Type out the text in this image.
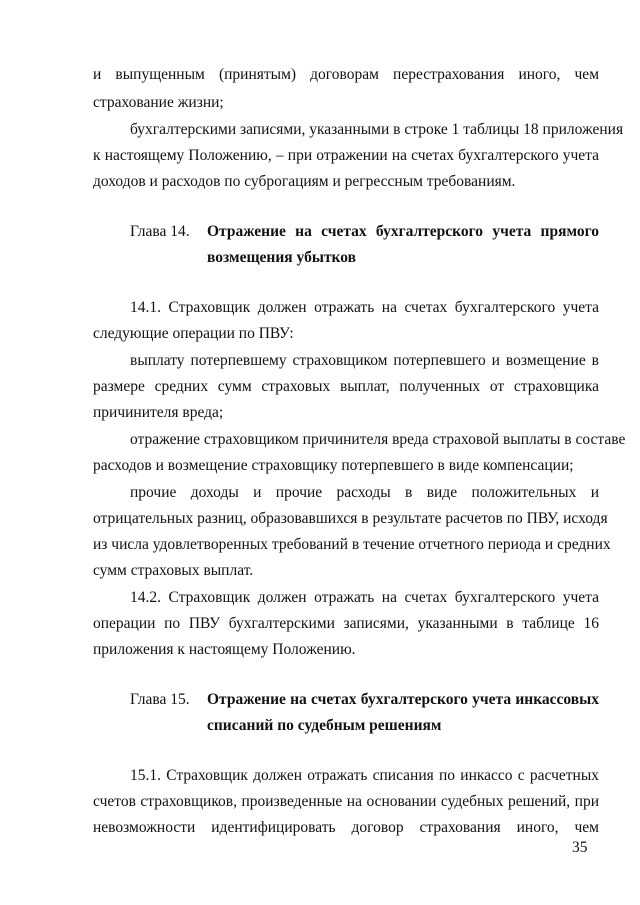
и выпущенным (принятым) договорам перестрахования иного, чем
страхование жизни;
бухгалтерскими записями, указанными в строке 1 таблицы 18 приложения
к настоящему Положению, – при отражении на счетах бухгалтерского учета
доходов и расходов по суброгациям и регрессным требованиям.
Глава 14. Отражение на счетах бухгалтерского учета прямого
возмещения убытков
14.1. Страховщик должен отражать на счетах бухгалтерского учета
следующие операции по ПВУ:
выплату потерпевшему страховщиком потерпевшего и возмещение в
размере средних сумм страховых выплат, полученных от страховщика
причинителя вреда;
отражение страховщиком причинителя вреда страховой выплаты в составе
расходов и возмещение страховщику потерпевшего в виде компенсации;
прочие доходы и прочие расходы в виде положительных и
отрицательных разниц, образовавшихся в результате расчетов по ПВУ, исходя
из числа удовлетворенных требований в течение отчетного периода и средних
сумм страховых выплат.
14.2. Страховщик должен отражать на счетах бухгалтерского учета
операции по ПВУ бухгалтерскими записями, указанными в таблице 16
приложения к настоящему Положению.
Глава 15. Отражение на счетах бухгалтерского учета инкассовых
списаний по судебным решениям
15.1. Страховщик должен отражать списания по инкассо с расчетных
счетов страховщиков, произведенные на основании судебных решений, при
невозможности идентифицировать договор страхования иного, чем
35
